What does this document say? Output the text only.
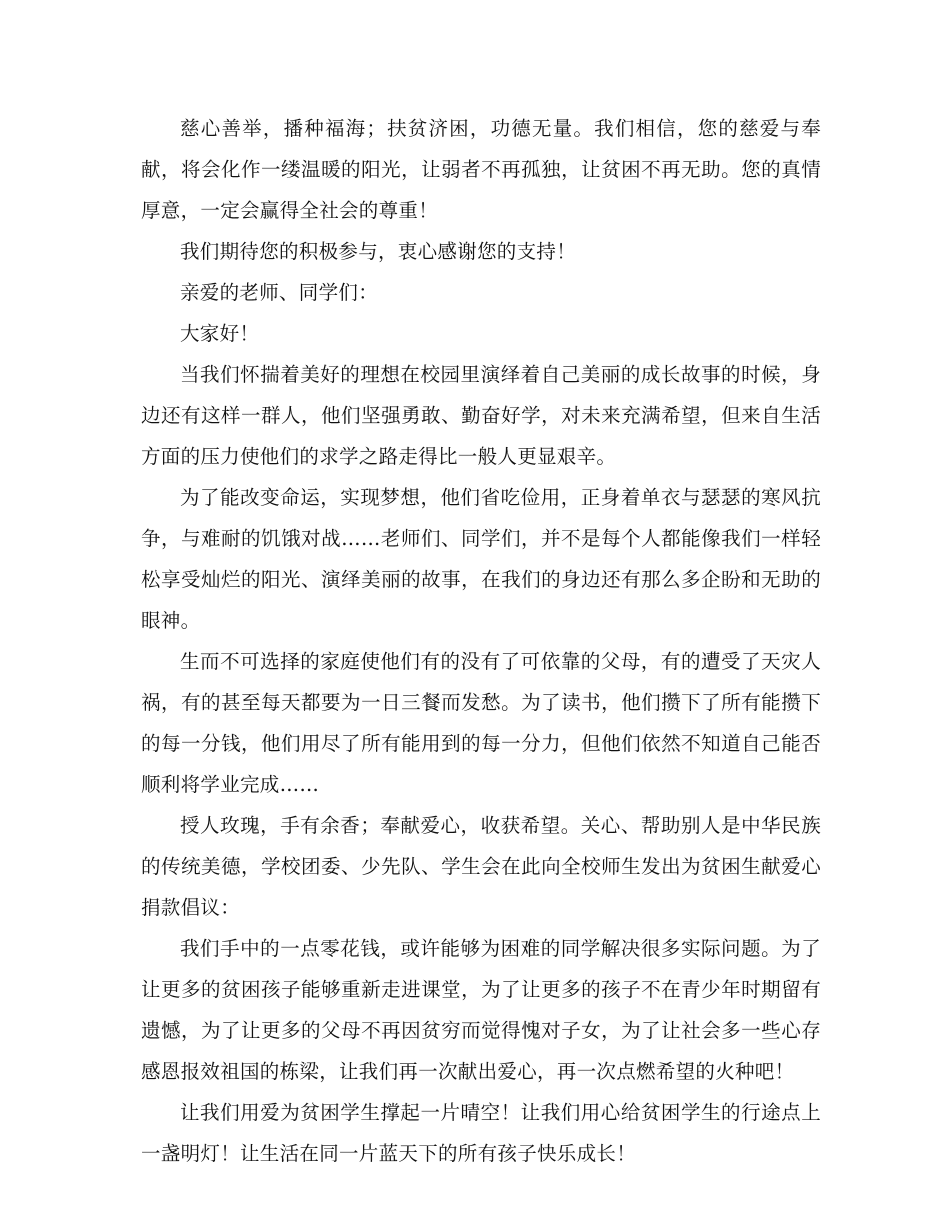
慈心善举，播种福海；扶贫济困，功德无量。我们相信，您的慈爱与奉献，将会化作一缕温暖的阳光，让弱者不再孤独，让贫困不再无助。您的真情厚意，一定会赢得全社会的尊重！

我们期待您的积极参与，衷心感谢您的支持！

亲爱的老师、同学们：

大家好！

当我们怀揣着美好的理想在校园里演绎着自己美丽的成长故事的时候，身边还有这样一群人，他们坚强勇敢、勤奋好学，对未来充满希望，但来自生活方面的压力使他们的求学之路走得比一般人更显艰辛。

为了能改变命运，实现梦想，他们省吃俭用，正身着单衣与瑟瑟的寒风抗争，与难耐的饥饿对战……老师们、同学们，并不是每个人都能像我们一样轻松享受灿烂的阳光、演绎美丽的故事，在我们的身边还有那么多企盼和无助的眼神。

生而不可选择的家庭使他们有的没有了可依靠的父母，有的遭受了天灾人祸，有的甚至每天都要为一日三餐而发愁。为了读书，他们攒下了所有能攒下的每一分钱，他们用尽了所有能用到的每一分力，但他们依然不知道自己能否顺利将学业完成……

授人玫瑰，手有余香；奉献爱心，收获希望。关心、帮助别人是中华民族的传统美德，学校团委、少先队、学生会在此向全校师生发出为贫困生献爱心捐款倡议：

我们手中的一点零花钱，或许能够为困难的同学解决很多实际问题。为了让更多的贫困孩子能够重新走进课堂，为了让更多的孩子不在青少年时期留有遗憾，为了让更多的父母不再因贫穷而觉得愧对子女，为了让社会多一些心存感恩报效祖国的栋梁，让我们再一次献出爱心，再一次点燃希望的火种吧！

让我们用爱为贫困学生撑起一片晴空！让我们用心给贫困学生的行途点上一盏明灯！让生活在同一片蓝天下的所有孩子快乐成长！
